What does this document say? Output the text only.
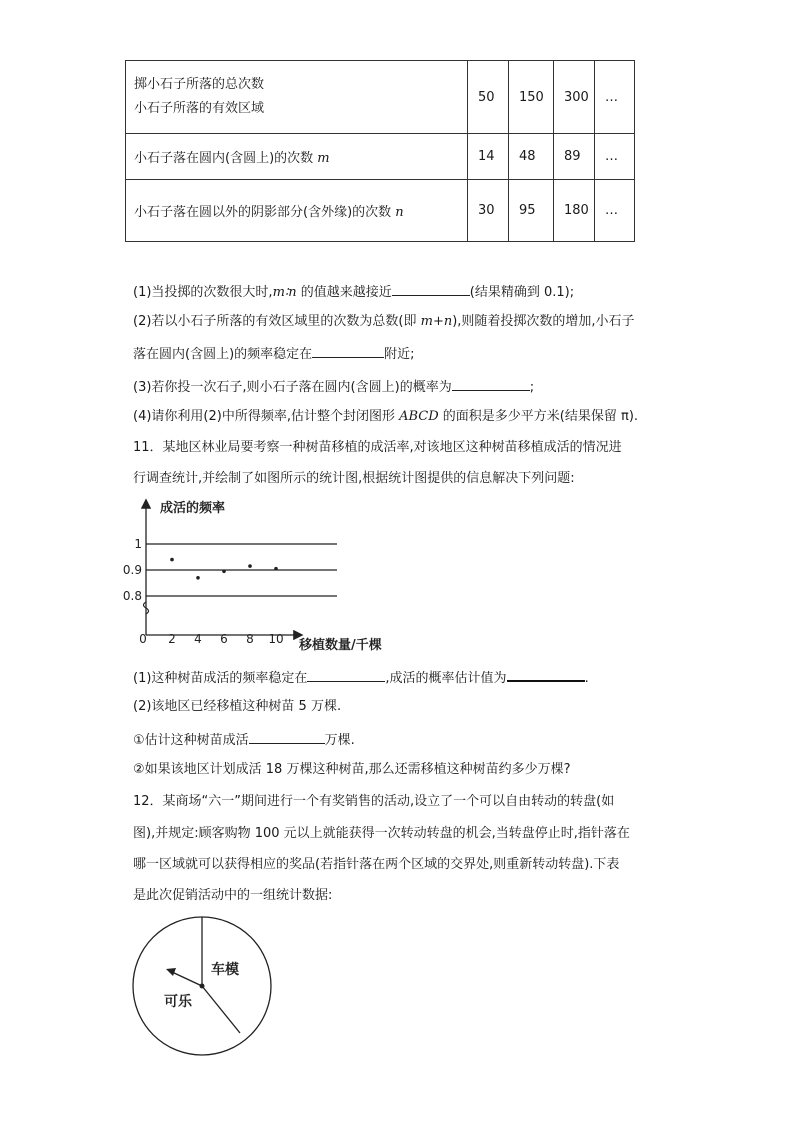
掷小石子所落的总次数
小石子所落的有效区域	50	150	300	…
小石子落在圆内(含圆上)的次数 m	14	48	89	…
小石子落在圆以外的阴影部分(含外缘)的次数 n	30	95	180	…
(1)当投掷的次数很大时,m∶n 的值越来越接近	(结果精确到 0.1);
(2)若以小石子所落的有效区域里的次数为总数(即 m+n),则随着投掷次数的增加,小石子
落在圆内(含圆上)的频率稳定在	附近;
(3)若你投一次石子,则小石子落在圆内(含圆上)的概率为	;
(4)请你利用(2)中所得频率,估计整个封闭图形 ABCD 的面积是多少平方米(结果保留 π).
11．某地区林业局要考察一种树苗移植的成活率,对该地区这种树苗移植成活的情况进
行调查统计,并绘制了如图所示的统计图,根据统计图提供的信息解决下列问题:
成活的频率
移植数量/千棵
0
0.8
0.9
1
2 4 6 8 10
(1)这种树苗成活的频率稳定在	,成活的概率估计值为	.
(2)该地区已经移植这种树苗 5 万棵.
①估计这种树苗成活	万棵.
②如果该地区计划成活 18 万棵这种树苗,那么还需移植这种树苗约多少万棵?
12．某商场“六一”期间进行一个有奖销售的活动,设立了一个可以自由转动的转盘(如
图),并规定:顾客购物 100 元以上就能获得一次转动转盘的机会,当转盘停止时,指针落在
哪一区域就可以获得相应的奖品(若指针落在两个区域的交界处,则重新转动转盘).下表
是此次促销活动中的一组统计数据:
车模
可乐
